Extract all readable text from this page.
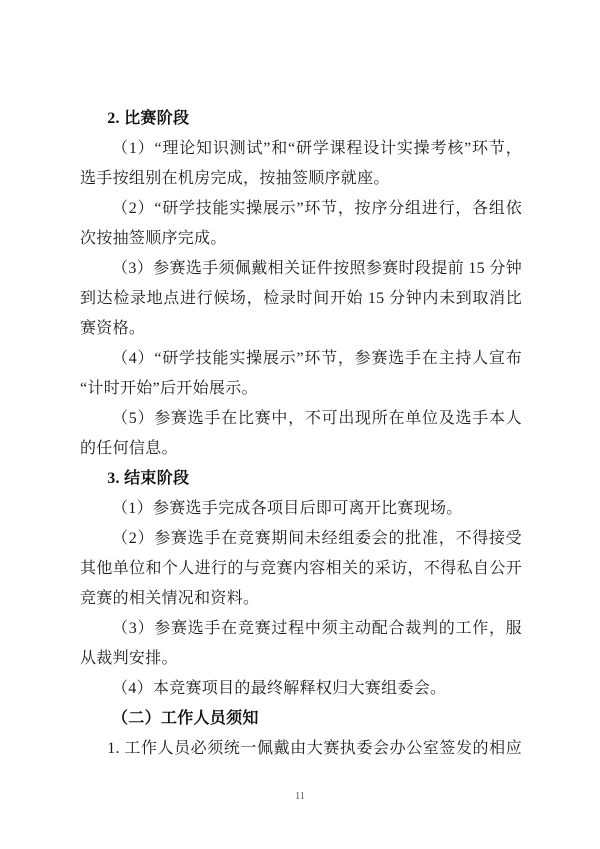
2. 比赛阶段
（1）“理论知识测试”和“研学课程设计实操考核”环节，选手按组别在机房完成，按抽签顺序就座。
（2）“研学技能实操展示”环节，按序分组进行，各组依次按抽签顺序完成。
（3）参赛选手须佩戴相关证件按照参赛时段提前 15 分钟到达检录地点进行候场，检录时间开始 15 分钟内未到取消比赛资格。
（4）“研学技能实操展示”环节，参赛选手在主持人宣布“计时开始”后开始展示。
（5）参赛选手在比赛中，不可出现所在单位及选手本人的任何信息。
3. 结束阶段
（1）参赛选手完成各项目后即可离开比赛现场。
（2）参赛选手在竞赛期间未经组委会的批准，不得接受其他单位和个人进行的与竞赛内容相关的采访，不得私自公开竞赛的相关情况和资料。
（3）参赛选手在竞赛过程中须主动配合裁判的工作，服从裁判安排。
（4）本竞赛项目的最终解释权归大赛组委会。
（二）工作人员须知
1. 工作人员必须统一佩戴由大赛执委会办公室签发的相应
11
